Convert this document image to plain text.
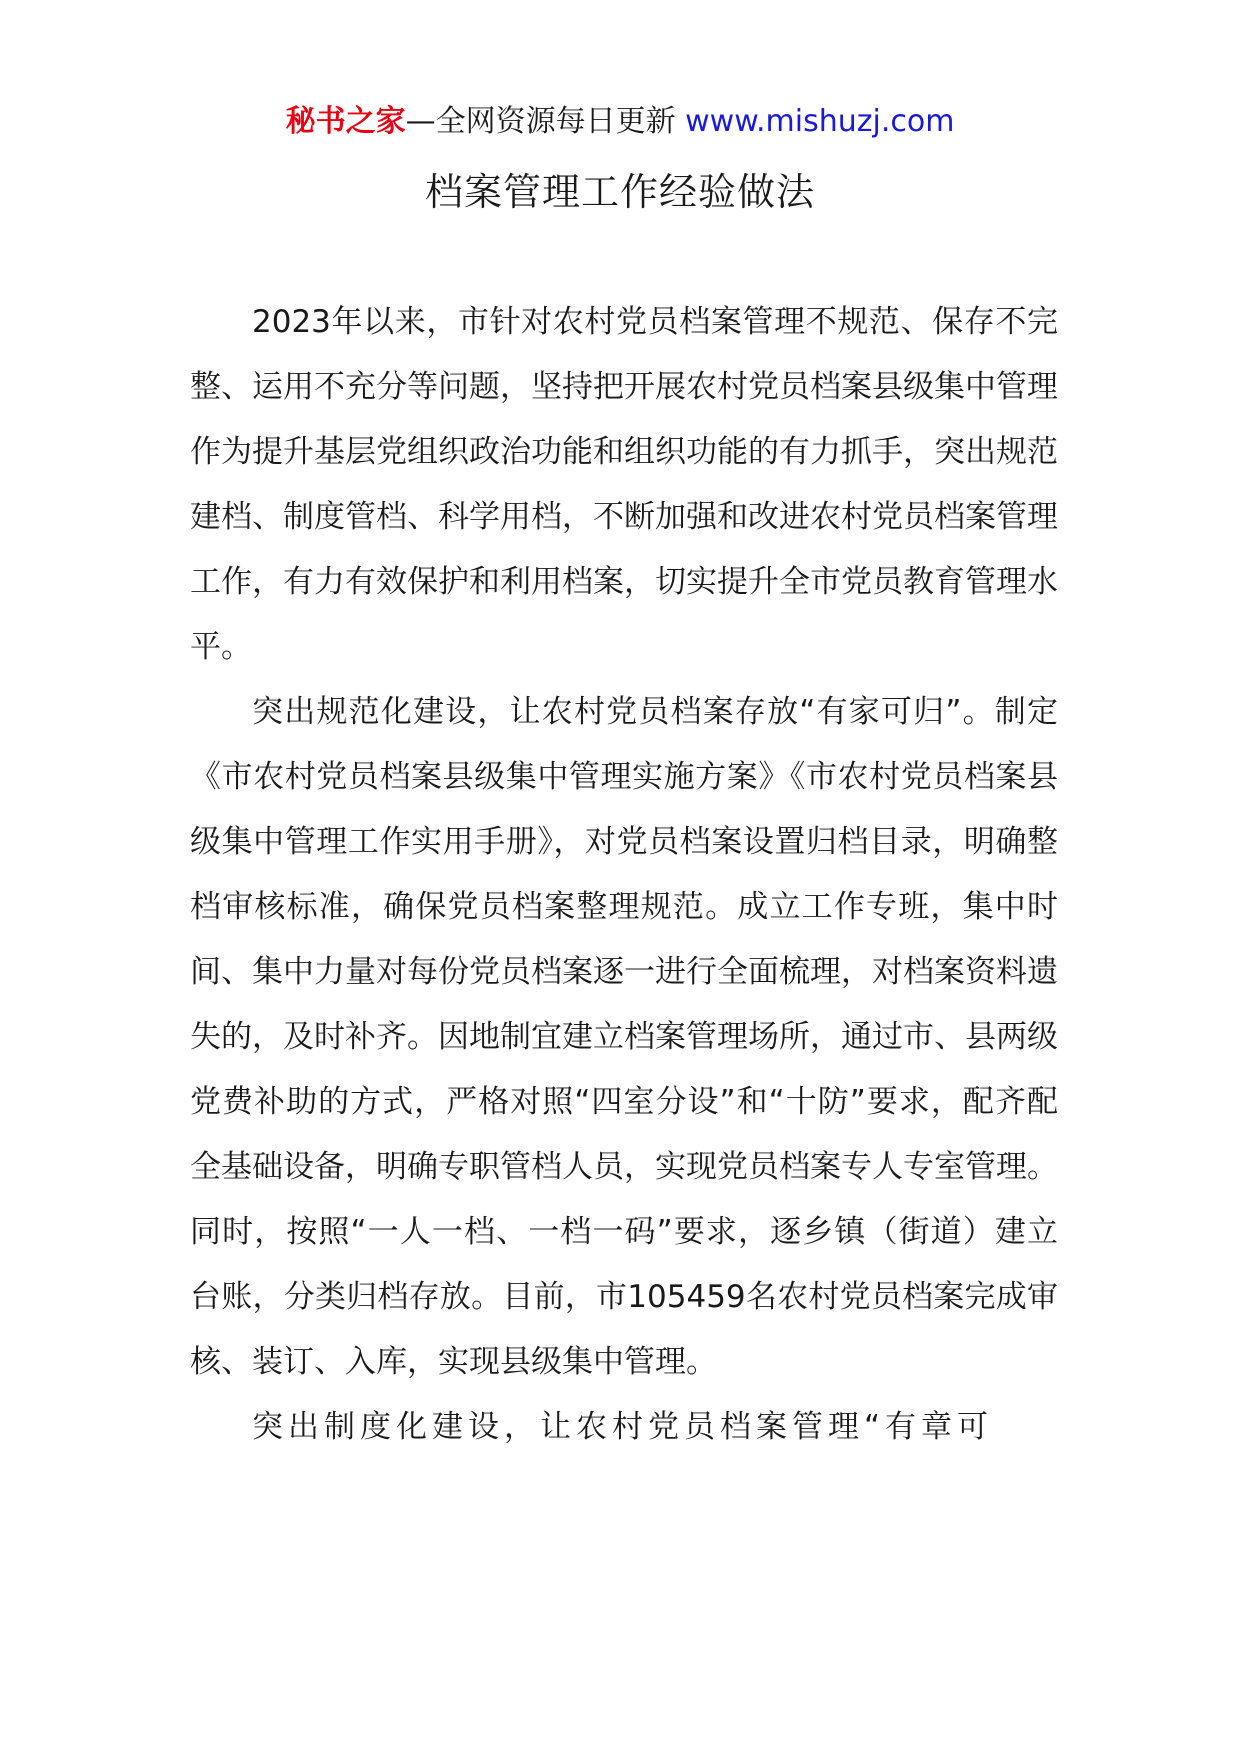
秘书之家—全网资源每日更新 www.mishuzj.com
档案管理工作经验做法

2023年以来，市针对农村党员档案管理不规范、保存不完整、运用不充分等问题，坚持把开展农村党员档案县级集中管理作为提升基层党组织政治功能和组织功能的有力抓手，突出规范建档、制度管档、科学用档，不断加强和改进农村党员档案管理工作，有力有效保护和利用档案，切实提升全市党员教育管理水平。

突出规范化建设，让农村党员档案存放“有家可归”。制定《市农村党员档案县级集中管理实施方案》《市农村党员档案县级集中管理工作实用手册》，对党员档案设置归档目录，明确整档审核标准，确保党员档案整理规范。成立工作专班，集中时间、集中力量对每份党员档案逐一进行全面梳理，对档案资料遗失的，及时补齐。因地制宜建立档案管理场所，通过市、县两级党费补助的方式，严格对照“四室分设”和“十防”要求，配齐配全基础设备，明确专职管档人员，实现党员档案专人专室管理。同时，按照“一人一档、一档一码”要求，逐乡镇（街道）建立台账，分类归档存放。目前，市105459名农村党员档案完成审核、装订、入库，实现县级集中管理。

突出制度化建设，让农村党员档案管理“有章可
